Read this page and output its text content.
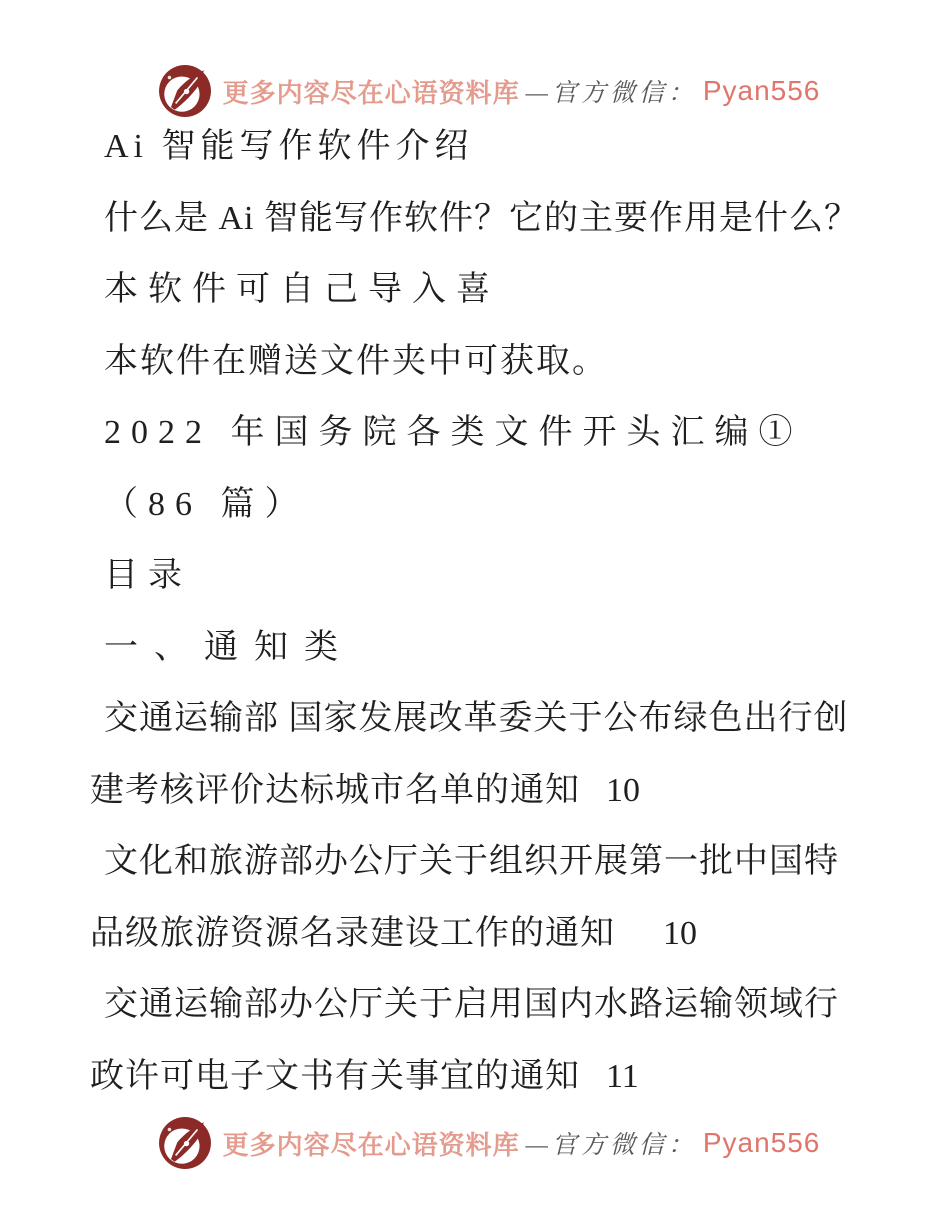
更多内容尽在心语资料库 —官方微信： Pyan556

Ai 智能写作软件介绍

什么是 Ai 智能写作软件？它的主要作用是什么？

本软件可自己导入喜

本软件在赠送文件夹中可获取。

2022 年国务院各类文件开头汇编①

（86 篇）

目录

一、通知类

交通运输部 国家发展改革委关于公布绿色出行创建考核评价达标城市名单的通知 10

文化和旅游部办公厅关于组织开展第一批中国特品级旅游资源名录建设工作的通知 10

交通运输部办公厅关于启用国内水路运输领域行政许可电子文书有关事宜的通知 11

更多内容尽在心语资料库 —官方微信： Pyan556
